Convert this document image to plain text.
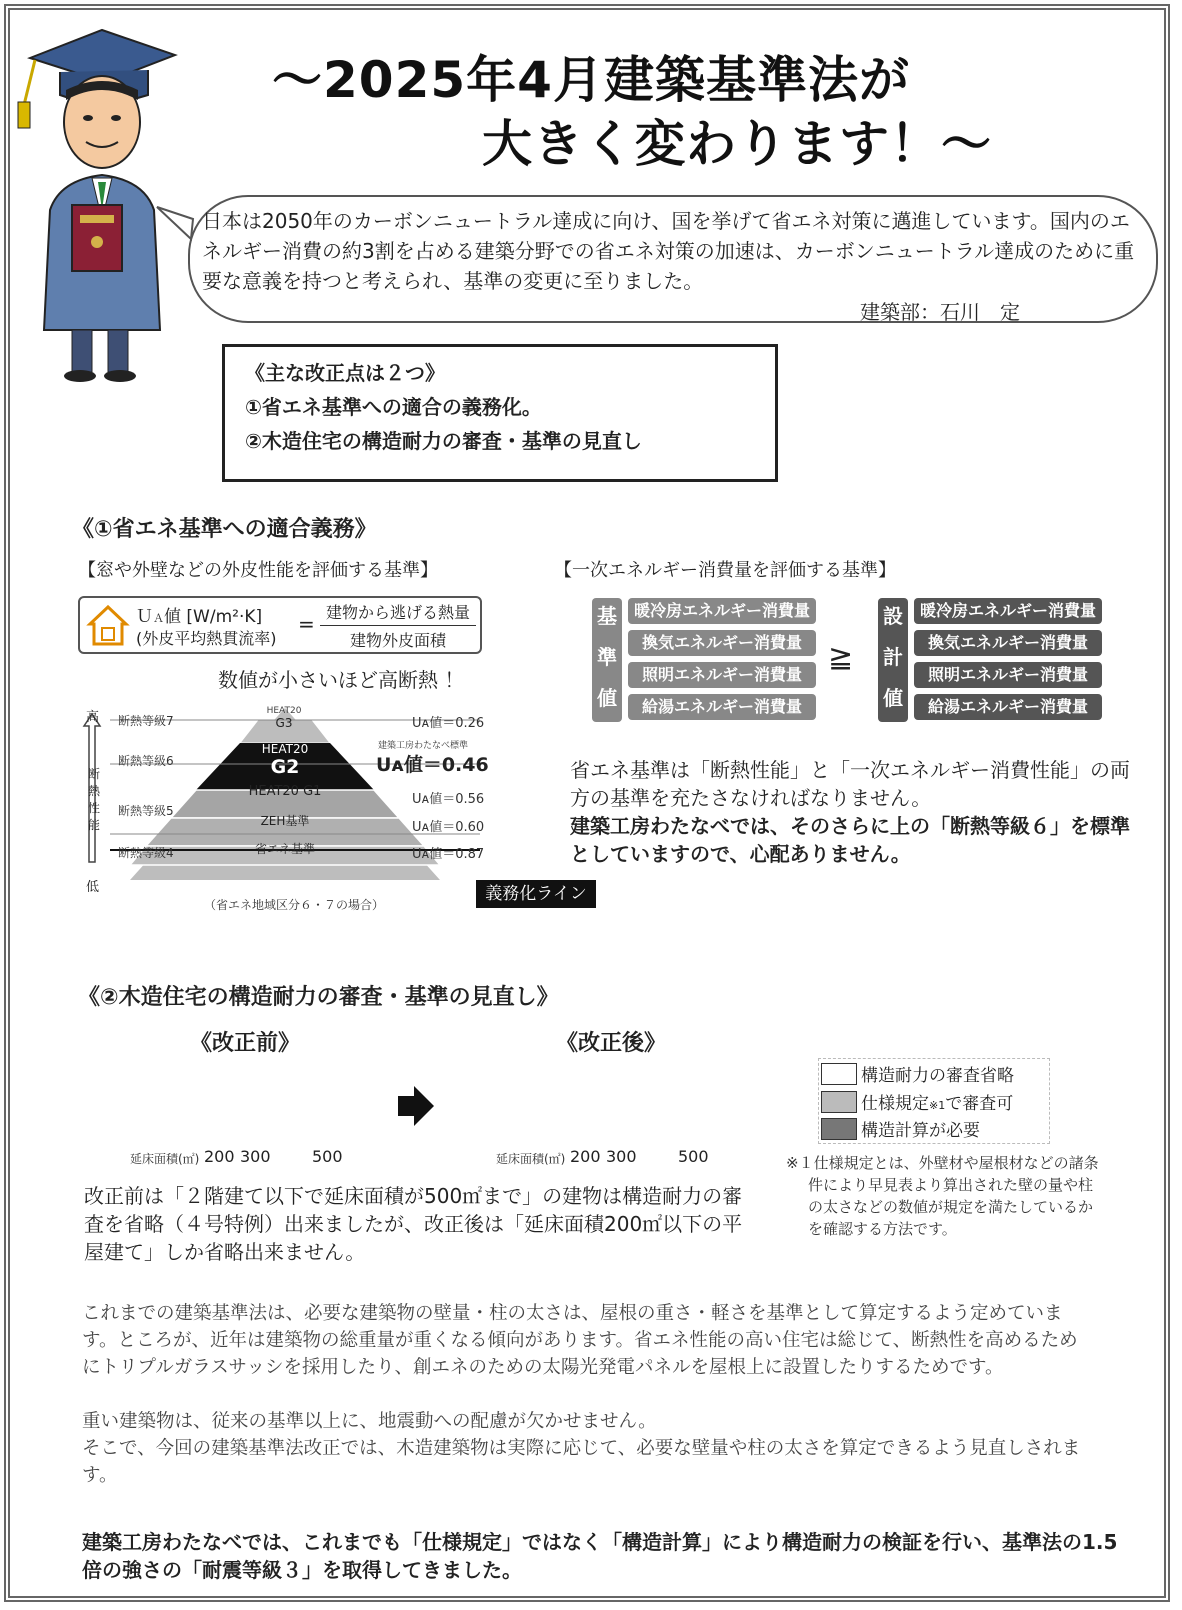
～2025年4月建築基準法が
大きく変わります！～
日本は2050年のカーボンニュートラル達成に向け、国を挙げて省エネ対策に邁進しています。国内のエネルギー消費の約3割を占める建築分野での省エネ対策の加速は、カーボンニュートラル達成のために重要な意義を持つと考えられ、基準の変更に至りました。
建築部：石川　定
《主な改正点は２つ》
①省エネ基準への適合の義務化。
②木造住宅の構造耐力の審査・基準の見直し
《①省エネ基準への適合義務》
【窓や外壁などの外皮性能を評価する基準】	【一次エネルギー消費量を評価する基準】
ＵＡ値 [W/m²·K]
(外皮平均熱貫流率)
= 建物から逃げる熱量
建物外皮面積
数値が小さいほど高断熱 ！
高
断熱性能
低
断熱等級7
断熱等級6
断熱等級5
断熱等級4
HEAT20
G3
HEAT20
G2
HEAT20 G1
ZEH基準
省エネ基準
Uᴀ値＝0.26
建築工房わたなべ標準
Uᴀ値＝0.46
Uᴀ値＝0.56
Uᴀ値＝0.60
Uᴀ値＝0.87
（省エネ地域区分６・７の場合）
義務化ライン
基
準
値
暖冷房エネルギー消費量
換気エネルギー消費量
照明エネルギー消費量
給湯エネルギー消費量
≧
設
計
値
暖冷房エネルギー消費量
換気エネルギー消費量
照明エネルギー消費量
給湯エネルギー消費量
省エネ基準は「断熱性能」と「一次エネルギー消費性能」の両方の基準を充たさなければなりません。
建築工房わたなべでは、そのさらに上の「断熱等級６」を標準としていますので、心配ありません。
《②木造住宅の構造耐力の審査・基準の見直し》
《改正前》	《改正後》
延床面積(㎡) 200 300	500	延床面積(㎡) 200 300	500
構造耐力の審査省略
仕様規定※1で審査可
構造計算が必要
※１仕様規定とは、外壁材や屋根材などの諸条件により早見表より算出された壁の量や柱の太さなどの数値が規定を満たしているかを確認する方法です。
改正前は「２階建て以下で延床面積が500㎡まで」の建物は構造耐力の審査を省略（４号特例）出来ましたが、改正後は「延床面積200㎡以下の平屋建て」しか省略出来ません。
これまでの建築基準法は、必要な建築物の壁量・柱の太さは、屋根の重さ・軽さを基準として算定するよう定めています。ところが、近年は建築物の総重量が重くなる傾向があります。省エネ性能の高い住宅は総じて、断熱性を高めるためにトリプルガラスサッシを採用したり、創エネのための太陽光発電パネルを屋根上に設置したりするためです。
重い建築物は、従来の基準以上に、地震動への配慮が欠かせません。
そこで、今回の建築基準法改正では、木造建築物は実際に応じて、必要な壁量や柱の太さを算定できるよう見直しされます。
建築工房わたなべでは、これまでも「仕様規定」ではなく「構造計算」により構造耐力の検証を行い、基準法の1.5倍の強さの「耐震等級３」を取得してきました。
